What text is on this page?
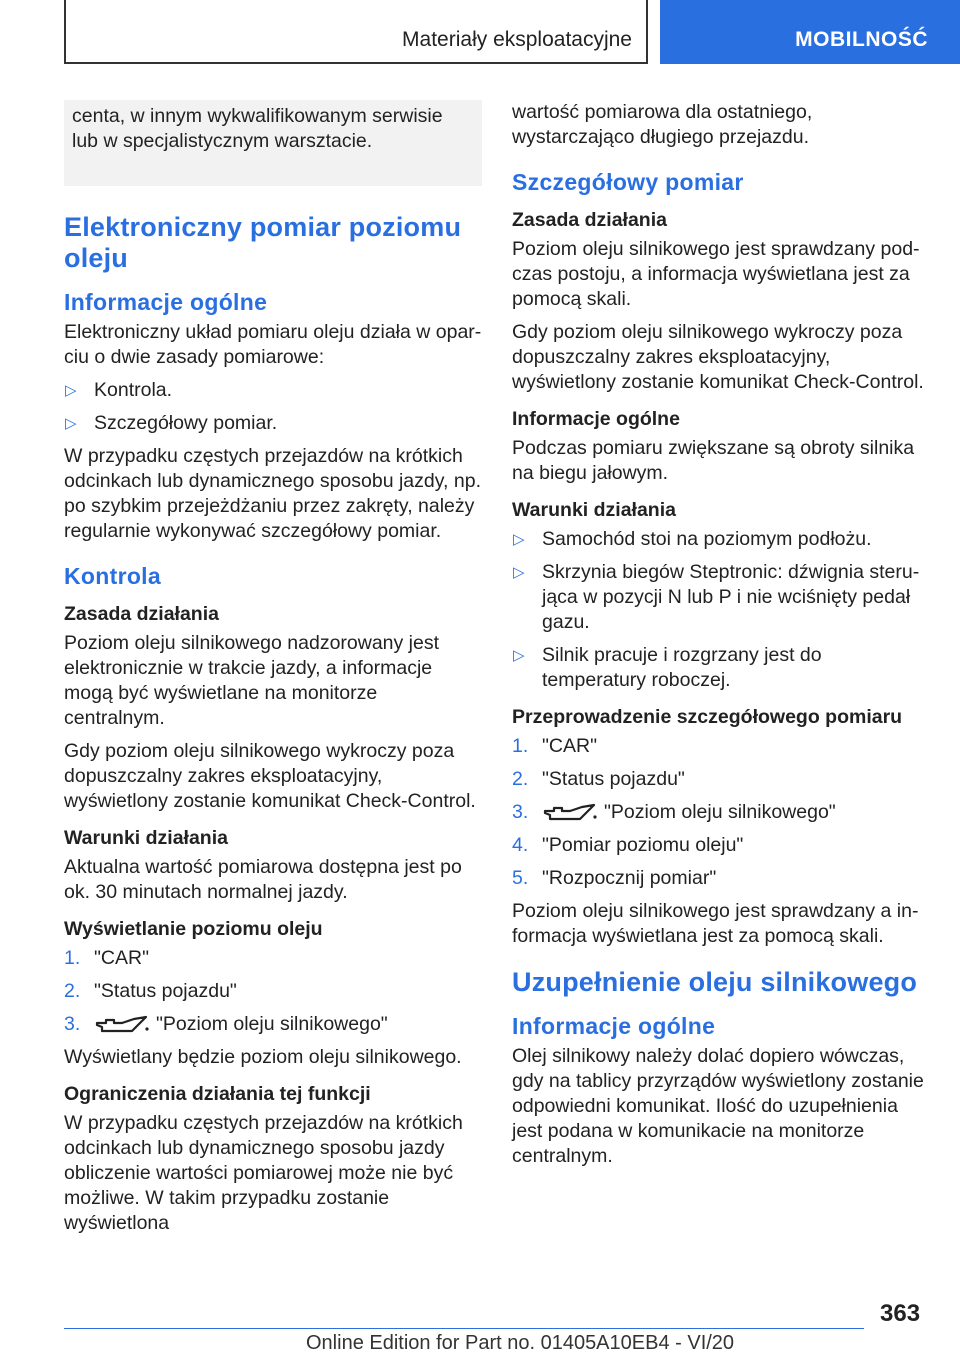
Materiały eksploatacyjne	MOBILNOŚĆ

centa, w innym wykwalifikowanym serwisie lub w specjalistycznym warsztacie.

Elektroniczny pomiar poziomu oleju
Informacje ogólne

Elektroniczny układ pomiaru oleju działa w oparciu o dwie zasady pomiarowe:

▷ Kontrola.
▷ Szczegółowy pomiar.

W przypadku częstych przejazdów na krótkich odcinkach lub dynamicznego sposobu jazdy, np. po szybkim przejeżdżaniu przez zakręty, należy regularnie wykonywać szczegółowy pomiar.

Kontrola
Zasada działania

Poziom oleju silnikowego nadzorowany jest elektronicznie w trakcie jazdy, a informacje mogą być wyświetlane na monitorze centralnym.

Gdy poziom oleju silnikowego wykroczy poza dopuszczalny zakres eksploatacyjny, wyświetlony zostanie komunikat Check-Control.

Warunki działania

Aktualna wartość pomiarowa dostępna jest po ok. 30 minutach normalnej jazdy.

Wyświetlanie poziomu oleju
1. "CAR"
2. "Status pojazdu"
3.	"Poziom oleju silnikowego"

Wyświetlany będzie poziom oleju silnikowego.

Ograniczenia działania tej funkcji

W przypadku częstych przejazdów na krótkich odcinkach lub dynamicznego sposobu jazdy obliczenie wartości pomiarowej może nie być możliwe. W takim przypadku zostanie wyświetlona

wartość pomiarowa dla ostatniego, wystarczająco długiego przejazdu.

Szczegółowy pomiar
Zasada działania

Poziom oleju silnikowego jest sprawdzany podczas postoju, a informacja wyświetlana jest za pomocą skali.

Gdy poziom oleju silnikowego wykroczy poza dopuszczalny zakres eksploatacyjny, wyświetlony zostanie komunikat Check-Control.

Informacje ogólne

Podczas pomiaru zwiększane są obroty silnika na biegu jałowym.

Warunki działania
▷ Samochód stoi na poziomym podłożu.
▷ Skrzynia biegów Steptronic: dźwignia sterująca w pozycji N lub P i nie wciśnięty pedał gazu.
▷ Silnik pracuje i rozgrzany jest do temperatury roboczej.
Przeprowadzenie szczegółowego pomiaru
1. "CAR"
2. "Status pojazdu"
3.	"Poziom oleju silnikowego"
4. "Pomiar poziomu oleju"
5. "Rozpocznij pomiar"

Poziom oleju silnikowego jest sprawdzany a informacja wyświetlana jest za pomocą skali.

Uzupełnienie oleju silnikowego
Informacje ogólne

Olej silnikowy należy dolać dopiero wówczas, gdy na tablicy przyrządów wyświetlony zostanie odpowiedni komunikat. Ilość do uzupełnienia jest podana w komunikacie na monitorze centralnym.

363
Online Edition for Part no. 01405A10EB4 - VI/20
